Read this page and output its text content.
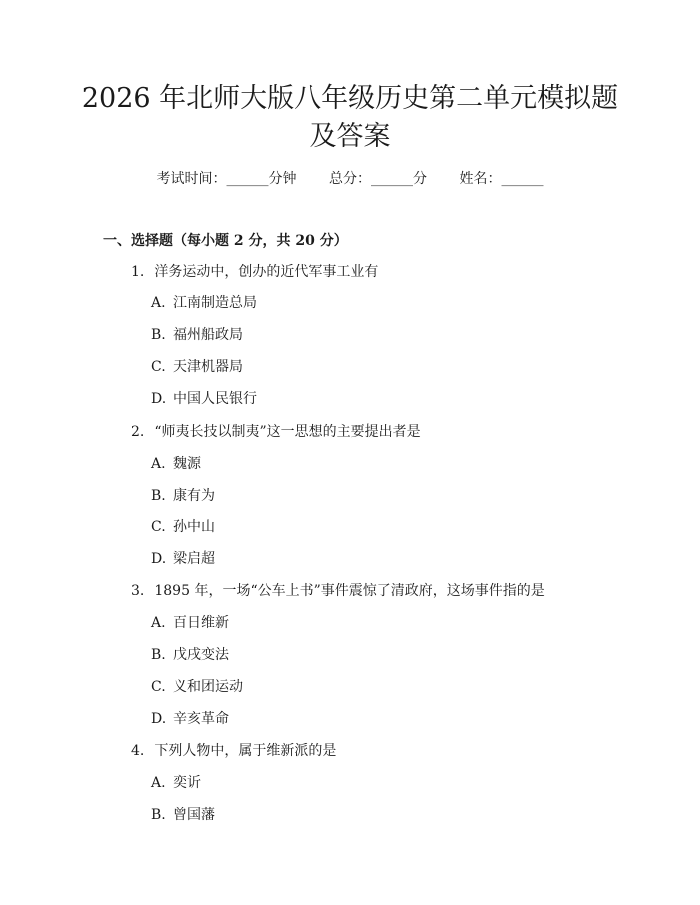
2026 年北师大版八年级历史第二单元模拟题
及答案
考试时间：______分钟 总分：______分 姓名：______
一、选择题（每小题 2 分，共 20 分）
1. 洋务运动中，创办的近代军事工业有
A. 江南制造总局
B. 福州船政局
C. 天津机器局
D. 中国人民银行
2. “师夷长技以制夷”这一思想的主要提出者是
A. 魏源
B. 康有为
C. 孙中山
D. 梁启超
3. 1895 年，一场“公车上书”事件震惊了清政府，这场事件指的是
A. 百日维新
B. 戊戌变法
C. 义和团运动
D. 辛亥革命
4. 下列人物中，属于维新派的是
A. 奕䜣
B. 曾国藩
